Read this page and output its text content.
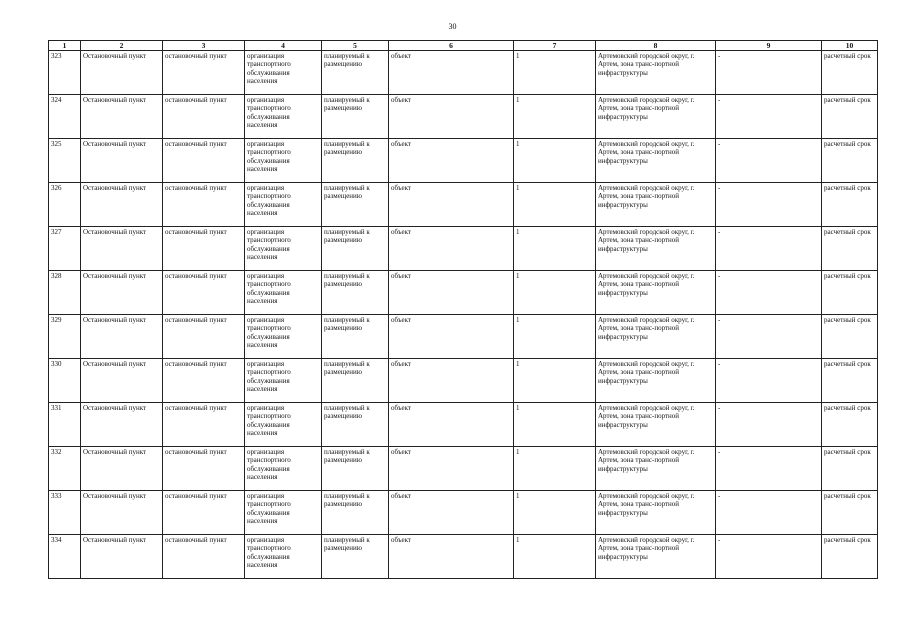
30
1	2	3	4	5	6	7	8	9	10
323	Остановочный пункт	остановочный пункт	организация транспортного обслуживания населения	планируемый к размещению	объект	1	Артемовский городской округ, г. Артем, зона транс-портной инфраструктуры	-	расчетный срок
324	Остановочный пункт	остановочный пункт	организация транспортного обслуживания населения	планируемый к размещению	объект	1	Артемовский городской округ, г. Артем, зона транс-портной инфраструктуры	-	расчетный срок
325	Остановочный пункт	остановочный пункт	организация транспортного обслуживания населения	планируемый к размещению	объект	1	Артемовский городской округ, г. Артем, зона транс-портной инфраструктуры	-	расчетный срок
326	Остановочный пункт	остановочный пункт	организация транспортного обслуживания населения	планируемый к размещению	объект	1	Артемовский городской округ, г. Артем, зона транс-портной инфраструктуры	-	расчетный срок
327	Остановочный пункт	остановочный пункт	организация транспортного обслуживания населения	планируемый к размещению	объект	1	Артемовский городской округ, г. Артем, зона транс-портной инфраструктуры	-	расчетный срок
328	Остановочный пункт	остановочный пункт	организация транспортного обслуживания населения	планируемый к размещению	объект	1	Артемовский городской округ, г. Артем, зона транс-портной инфраструктуры	-	расчетный срок
329	Остановочный пункт	остановочный пункт	организация транспортного обслуживания населения	планируемый к размещению	объект	1	Артемовский городской округ, г. Артем, зона транс-портной инфраструктуры	-	расчетный срок
330	Остановочный пункт	остановочный пункт	организация транспортного обслуживания населения	планируемый к размещению	объект	1	Артемовский городской округ, г. Артем, зона транс-портной инфраструктуры	-	расчетный срок
331	Остановочный пункт	остановочный пункт	организация транспортного обслуживания населения	планируемый к размещению	объект	1	Артемовский городской округ, г. Артем, зона транс-портной инфраструктуры	-	расчетный срок
332	Остановочный пункт	остановочный пункт	организация транспортного обслуживания населения	планируемый к размещению	объект	1	Артемовский городской округ, г. Артем, зона транс-портной инфраструктуры	-	расчетный срок
333	Остановочный пункт	остановочный пункт	организация транспортного обслуживания населения	планируемый к размещению	объект	1	Артемовский городской округ, г. Артем, зона транс-портной инфраструктуры	-	расчетный срок
334	Остановочный пункт	остановочный пункт	организация транспортного обслуживания населения	планируемый к размещению	объект	1	Артемовский городской округ, г. Артем, зона транс-портной инфраструктуры	-	расчетный срок
